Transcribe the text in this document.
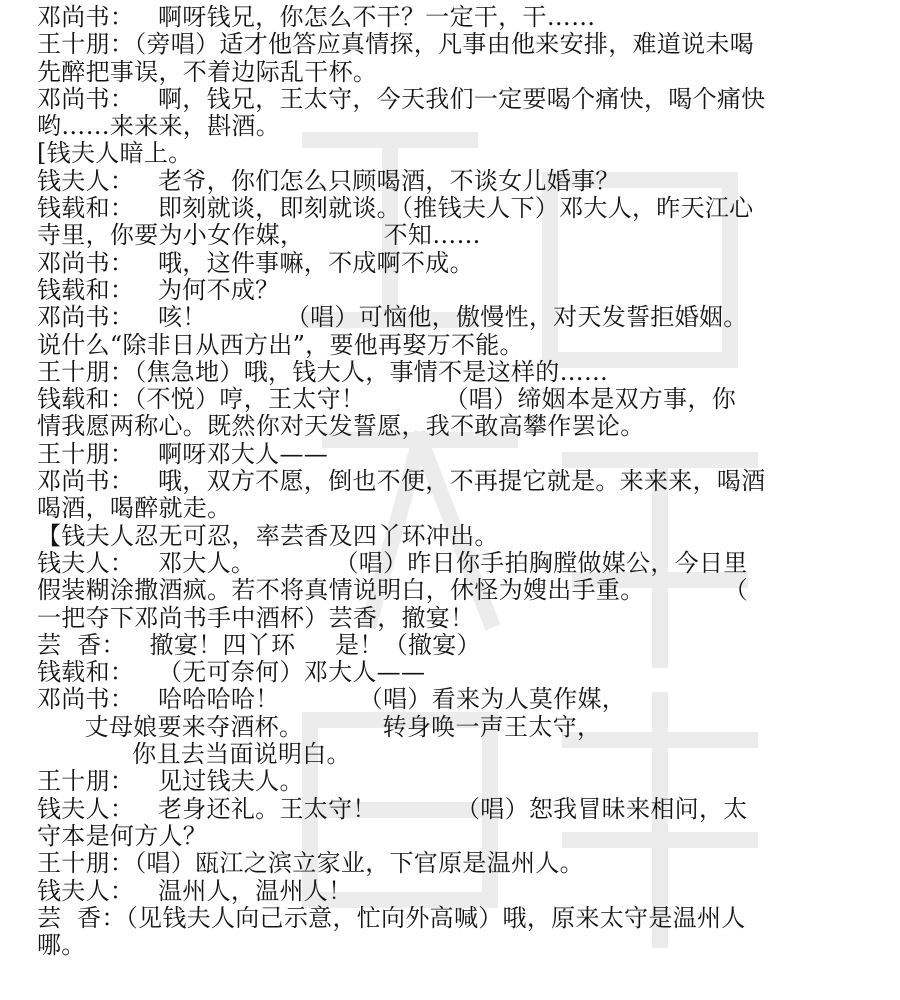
邓尚书：   啊呀钱兄，你怎么不干？一定干，干……
王十朋：（旁唱）适才他答应真情探，凡事由他来安排，难道说未喝
先醉把事误，不着边际乱干杯。
邓尚书：   啊，钱兄，王太守，今天我们一定要喝个痛快，喝个痛快
哟……来来来，斟酒。
[钱夫人暗上。
钱夫人：   老爷，你们怎么只顾喝酒，不谈女儿婚事？
钱载和：   即刻就谈，即刻就谈。（推钱夫人下）邓大人，昨天江心
寺里，你要为小女作媒，          不知……
邓尚书：   哦，这件事嘛，不成啊不成。
钱载和：   为何不成？
邓尚书：   咳！          （唱）可恼他，傲慢性，对天发誓拒婚姻。
说什么“除非日从西方出”，要他再娶万不能。
王十朋：（焦急地）哦，钱大人，事情不是这样的……
钱载和：（不悦）哼，王太守！          （唱）缔姻本是双方事，你
情我愿两称心。既然你对天发誓愿，我不敢高攀作罢论。
王十朋：   啊呀邓大人——
邓尚书：   哦，双方不愿，倒也不便，不再提它就是。来来来，喝酒
喝酒，喝醉就走。
【钱夫人忍无可忍，率芸香及四丫环冲出。
钱夫人：   邓大人。          （唱）昨日你手拍胸膛做媒公，今日里
假装糊涂撒酒疯。若不将真情说明白，休怪为嫂出手重。          （
一把夺下邓尚书手中酒杯）芸香，撤宴！
芸  香：   撤宴！四丫环     是！（撤宴）
钱载和：   （无可奈何）邓大人——
邓尚书：   哈哈哈哈！          （唱）看来为人莫作媒，
丈母娘要来夺酒杯。          转身唤一声王太守，
你且去当面说明白。
王十朋：   见过钱夫人。
钱夫人：   老身还礼。王太守！          （唱）恕我冒昧来相问，太
守本是何方人？
王十朋：（唱）瓯江之滨立家业，下官原是温州人。
钱夫人：   温州人，温州人！
芸  香：（见钱夫人向己示意，忙向外高喊）哦，原来太守是温州人
哪。
